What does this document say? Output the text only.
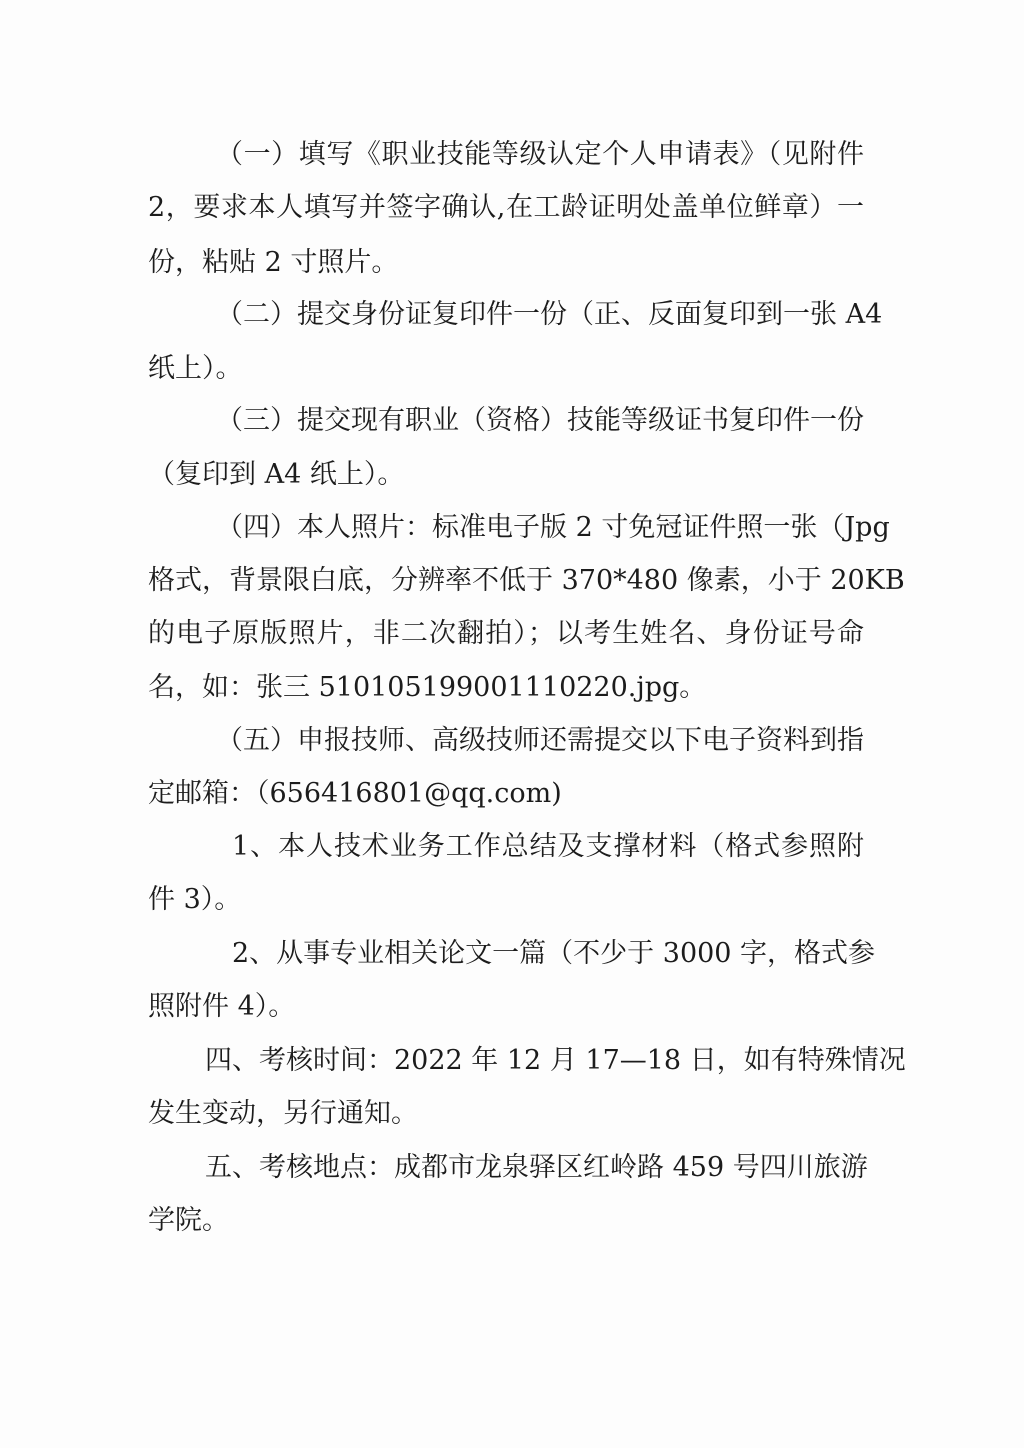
（一）填写《职业技能等级认定个人申请表》（见附件
2，要求本人填写并签字确认,在工龄证明处盖单位鲜章）一
份，粘贴 2 寸照片。
（二）提交身份证复印件一份（正、反面复印到一张 A4
纸上）。
（三）提交现有职业（资格）技能等级证书复印件一份
（复印到 A4 纸上）。
（四）本人照片：标准电子版 2 寸免冠证件照一张（Jpg
格式，背景限白底，分辨率不低于 370*480 像素，小于 20KB
的电子原版照片，非二次翻拍）；以考生姓名、身份证号命
名，如：张三 510105199001110220.jpg。
（五）申报技师、高级技师还需提交以下电子资料到指
定邮箱：（656416801@qq.com)
1、本人技术业务工作总结及支撑材料（格式参照附
件 3）。
2、从事专业相关论文一篇（不少于 3000 字，格式参
照附件 4）。
四、考核时间：2022 年 12 月 17—18 日，如有特殊情况
发生变动，另行通知。
五、考核地点：成都市龙泉驿区红岭路 459 号四川旅游
学院。
